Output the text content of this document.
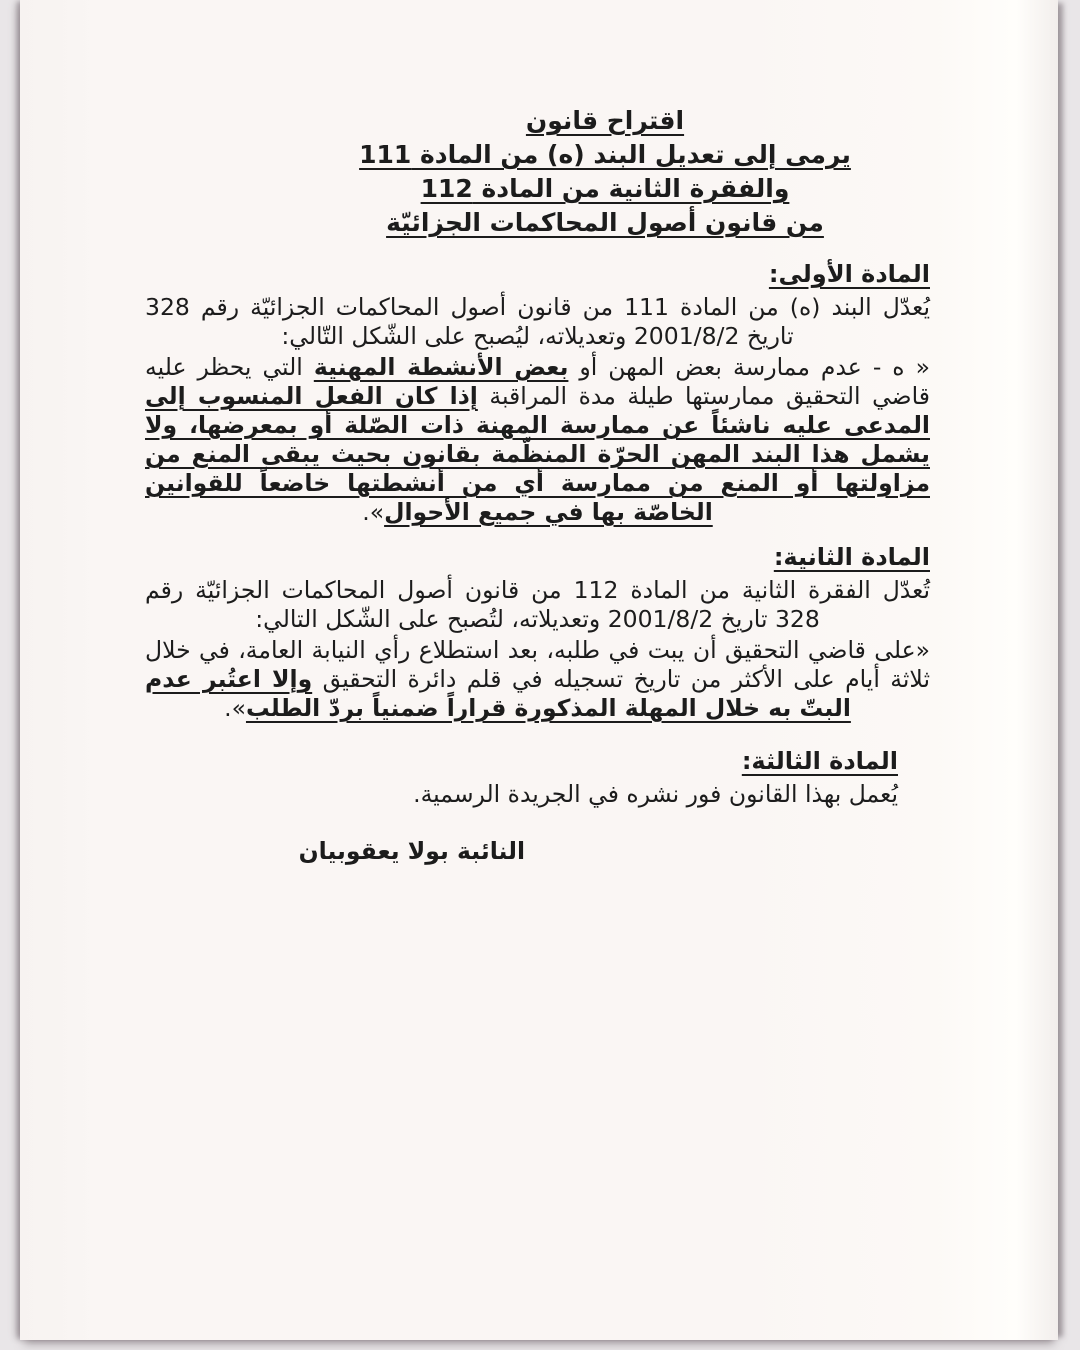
اقتراح قانون
يرمى إلى تعديل البند (ه) من المادة 111
والفقرة الثانية من المادة 112
من قانون أصول المحاكمات الجزائيّة
المادة الأولى:

يُعدّل البند (ه) من المادة 111 من قانون أصول المحاكمات الجزائيّة رقم 328 تاريخ 2001/8/2 وتعديلاته، ليُصبح على الشّكل التّالي:

« ه - عدم ممارسة بعض المهن أو بعض الأنشطة المهنية التي يحظر عليه قاضي التحقيق ممارستها طيلة مدة المراقبة إذا كان الفعل المنسوب إلى المدعى عليه ناشئاً عن ممارسة المهنة ذات الصّلة أو بمعرضها، ولا يشمل هذا البند المهن الحرّة المنظّمة بقانون بحيث يبقى المنع من مزاولتها أو المنع من ممارسة أي من أنشطتها خاضعاً للقوانين الخاصّة بها في جميع الأحوال».

المادة الثانية:

تُعدّل الفقرة الثانية من المادة 112 من قانون أصول المحاكمات الجزائيّة رقم 328 تاريخ 2001/8/2 وتعديلاته، لتُصبح على الشّكل التالي:

«على قاضي التحقيق أن يبت في طلبه، بعد استطلاع رأي النيابة العامة، في خلال ثلاثة أيام على الأكثر من تاريخ تسجيله في قلم دائرة التحقيق وإلا اعتُبر عدم البتّ به خلال المهلة المذكورة قراراً ضمنياً بردّ الطلب».

المادة الثالثة:

يُعمل بهذا القانون فور نشره في الجريدة الرسمية.

النائبة بولا يعقوبيان
